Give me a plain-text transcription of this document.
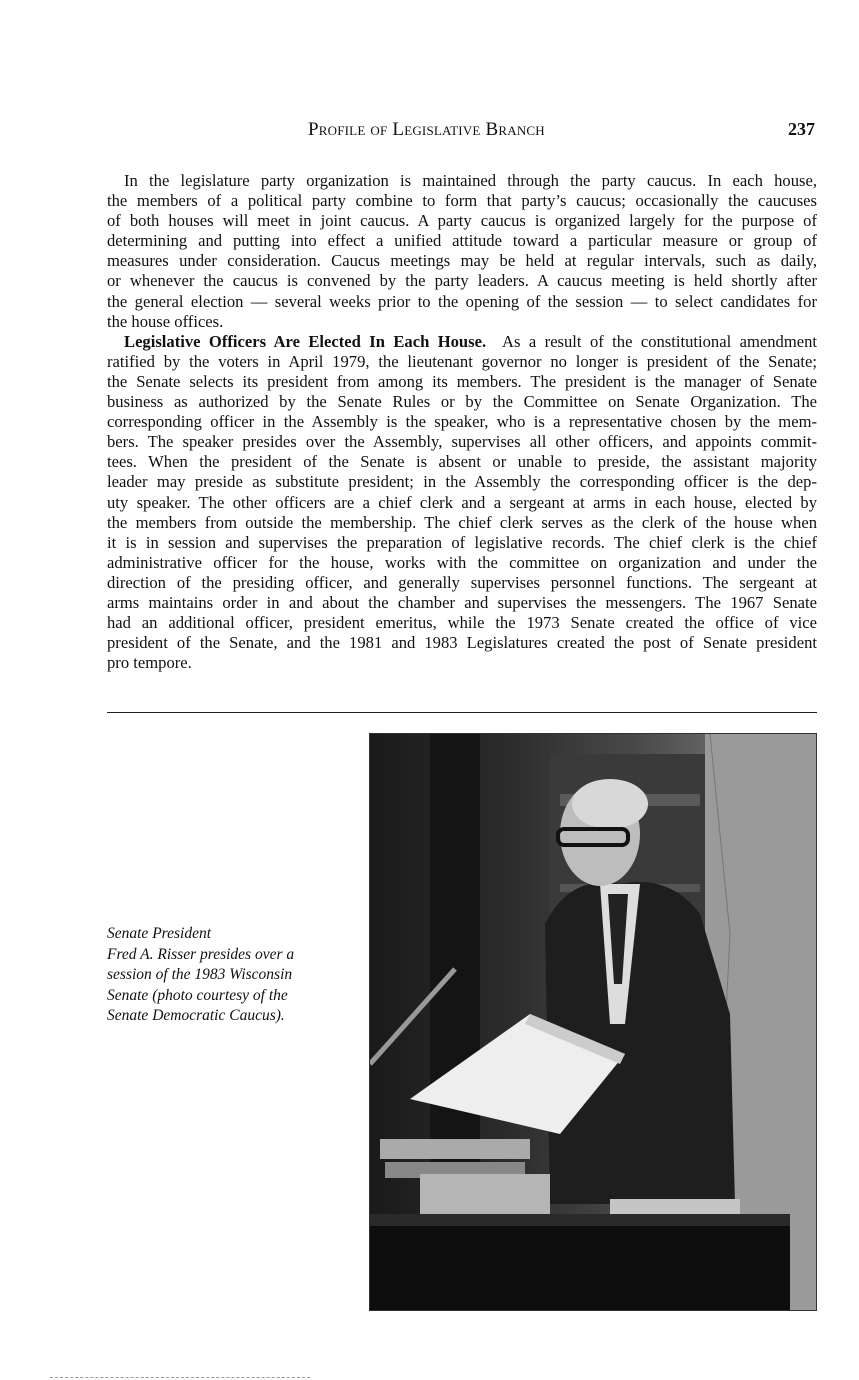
Profile of Legislative Branch	237
In the legislature party organization is maintained through the party caucus. In each house,
the members of a political party combine to form that party’s caucus; occasionally the caucuses
of both houses will meet in joint caucus. A party caucus is organized largely for the purpose of
determining and putting into effect a unified attitude toward a particular measure or group of
measures under consideration. Caucus meetings may be held at regular intervals, such as daily,
or whenever the caucus is convened by the party leaders. A caucus meeting is held shortly after
the general election — several weeks prior to the opening of the session — to select candidates for
the house offices.
Legislative Officers Are Elected In Each House. As a result of the constitutional amendment
ratified by the voters in April 1979, the lieutenant governor no longer is president of the Senate;
the Senate selects its president from among its members. The president is the manager of Senate
business as authorized by the Senate Rules or by the Committee on Senate Organization. The
corresponding officer in the Assembly is the speaker, who is a representative chosen by the mem-
bers. The speaker presides over the Assembly, supervises all other officers, and appoints commit-
tees. When the president of the Senate is absent or unable to preside, the assistant majority
leader may preside as substitute president; in the Assembly the corresponding officer is the dep-
uty speaker. The other officers are a chief clerk and a sergeant at arms in each house, elected by
the members from outside the membership. The chief clerk serves as the clerk of the house when
it is in session and supervises the preparation of legislative records. The chief clerk is the chief
administrative officer for the house, works with the committee on organization and under the
direction of the presiding officer, and generally supervises personnel functions. The sergeant at
arms maintains order in and about the chamber and supervises the messengers. The 1967 Senate
had an additional officer, president emeritus, while the 1973 Senate created the office of vice
president of the Senate, and the 1981 and 1983 Legislatures created the post of Senate president
pro tempore.
Senate President
Fred A. Risser presides over a
session of the 1983 Wisconsin
Senate (photo courtesy of the
Senate Democratic Caucus).
